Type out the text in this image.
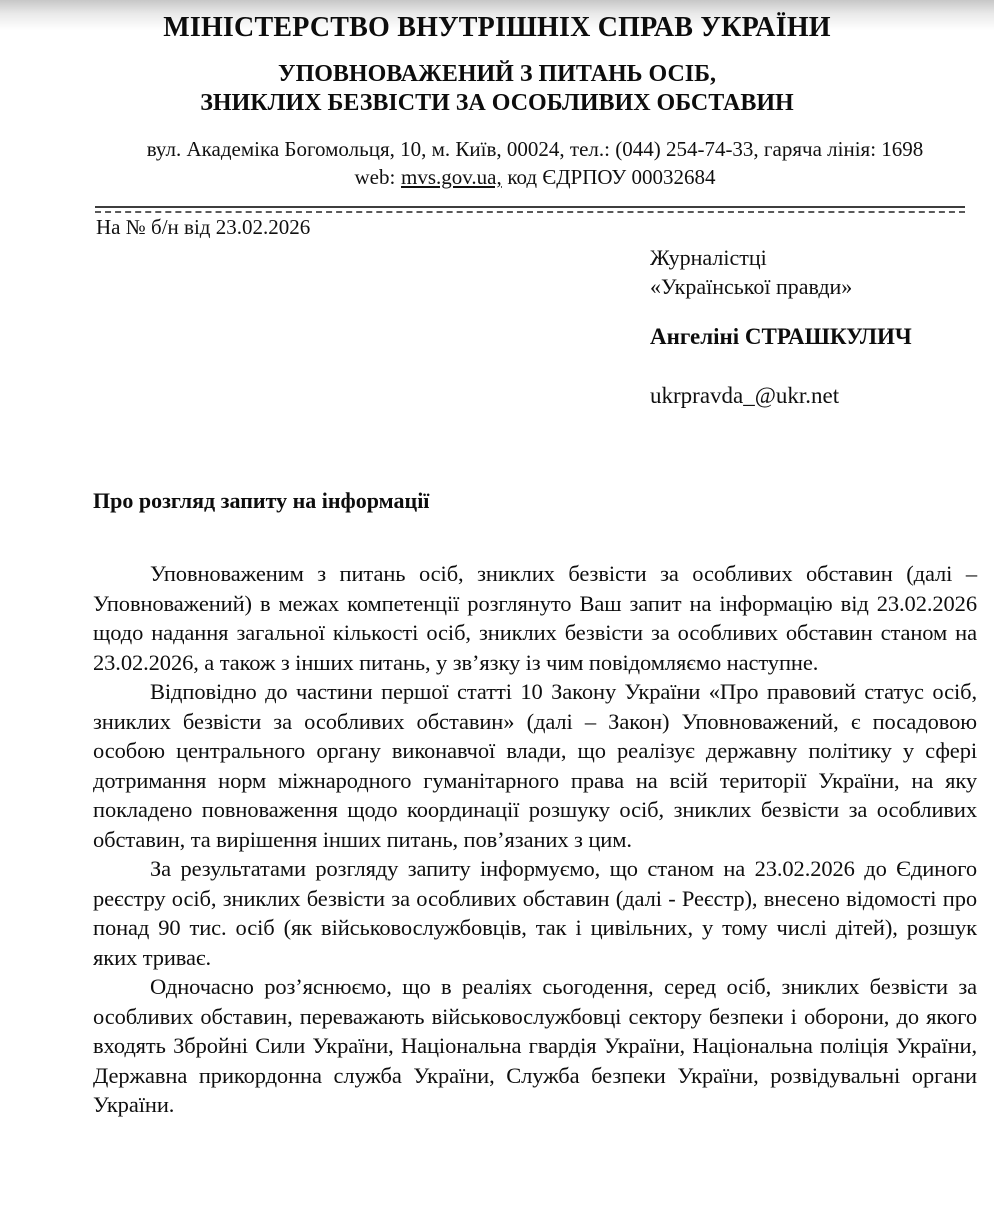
МІНІСТЕРСТВО ВНУТРІШНІХ СПРАВ УКРАЇНИ
УПОВНОВАЖЕНИЙ З ПИТАНЬ ОСІБ,
ЗНИКЛИХ БЕЗВІСТИ ЗА ОСОБЛИВИХ ОБСТАВИН
вул. Академіка Богомольця, 10, м. Київ, 00024, тел.: (044) 254-74-33, гаряча лінія: 1698
web: mvs.gov.ua, код ЄДРПОУ 00032684
На № б/н від 23.02.2026
Журналістці
«Української правди»
Ангеліні СТРАШКУЛИЧ
ukrpravda_@ukr.net
Про розгляд запиту на інформації

Уповноваженим з питань осіб, зниклих безвісти за особливих обставин (далі – Уповноважений) в межах компетенції розглянуто Ваш запит на інформацію від 23.02.2026 щодо надання загальної кількості осіб, зниклих безвісти за особливих обставин станом на 23.02.2026, а також з інших питань, у зв’язку із чим повідомляємо наступне.

Відповідно до частини першої статті 10 Закону України «Про правовий статус осіб, зниклих безвісти за особливих обставин» (далі – Закон) Уповноважений, є посадовою особою центрального органу виконавчої влади, що реалізує державну політику у сфері дотримання норм міжнародного гуманітарного права на всій території України, на яку покладено повноваження щодо координації розшуку осіб, зниклих безвісти за особливих обставин, та вирішення інших питань, пов’язаних з цим.

За результатами розгляду запиту інформуємо, що станом на 23.02.2026 до Єдиного реєстру осіб, зниклих безвісти за особливих обставин (далі - Реєстр), внесено відомості про понад 90 тис. осіб (як військовослужбовців, так і цивільних, у тому числі дітей), розшук яких триває.

Одночасно роз’яснюємо, що в реаліях сьогодення, серед осіб, зниклих безвісти за особливих обставин, переважають військовослужбовці сектору безпеки і оборони, до якого входять Збройні Сили України, Національна гвардія України, Національна поліція України, Державна прикордонна служба України, Служба безпеки України, розвідувальні органи України.
